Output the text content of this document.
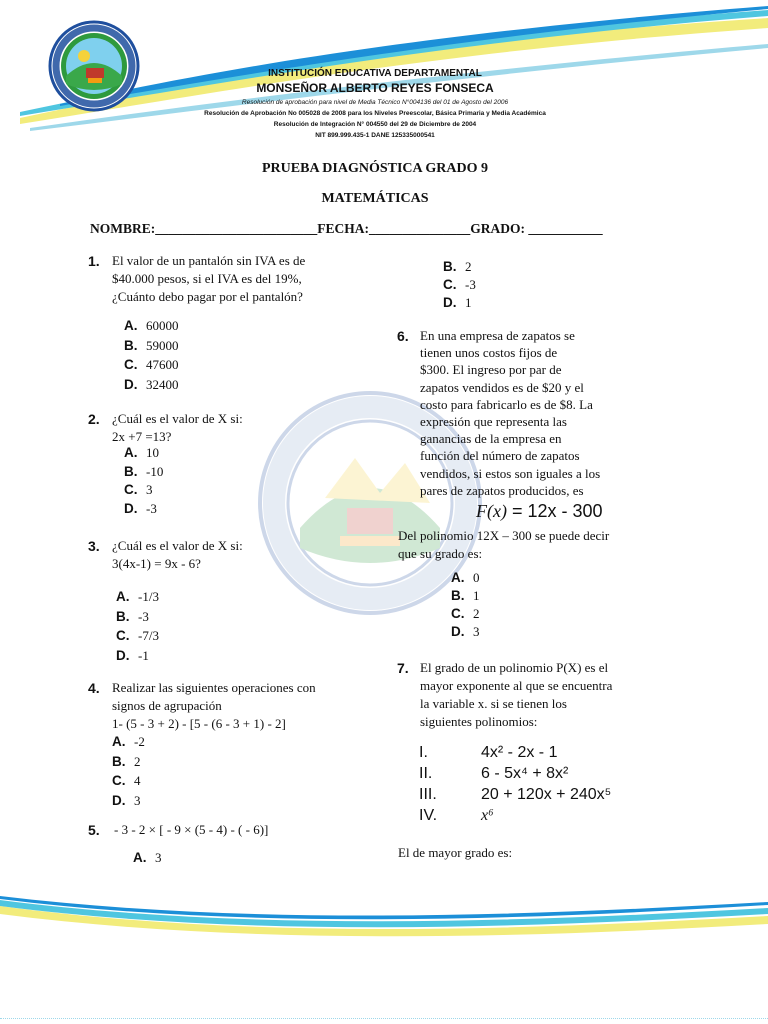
INSTITUCIÓN EDUCATIVA DEPARTAMENTAL
MONSEÑOR ALBERTO REYES FONSECA
Resolución de aprobación para nivel de Media Técnico N°004136 del 01 de Agosto del 2006
Resolución de Aprobación No 005028 de 2008 para los Niveles Preescolar, Básica Primaria y Media Académica
Resolución de Integración N° 004550 del 29 de Diciembre de 2004
NIT 899.999.435-1 DANE 125335000541
PRUEBA DIAGNÓSTICA GRADO 9
MATEMÁTICAS
NOMBRE:________________________FECHA:_______________GRADO: ___________
1. El valor de un pantalón sin IVA es de
$40.000 pesos, si el IVA es del 19%,
¿Cuánto debo pagar por el pantalón?
A. 60000
B. 59000
C. 47600
D. 32400
2. ¿Cuál es el valor de X si:
2x +7 =13?
A. 10
B. -10
C. 3
D. -3
3. ¿Cuál es el valor de X si:
3(4x-1) = 9x - 6?
A. -1/3
B. -3
C. -7/3
D. -1
4. Realizar las siguientes operaciones con
signos de agrupación
1- (5 - 3 + 2) - [5 - (6 - 3 + 1) - 2]
A. -2
B. 2
C. 4
D. 3
5. - 3 - 2 × [ - 9 × (5 - 4) - ( - 6)]
A. 3
B. 2
C. -3
D. 1
6. En una empresa de zapatos se
tienen unos costos fijos de
$300. El ingreso por par de
zapatos vendidos es de $20 y el
costo para fabricarlo es de $8. La
expresión que representa las
ganancias de la empresa en
función del número de zapatos
vendidos, si estos son iguales a los
pares de zapatos producidos, es
F(x) = 12x - 300
Del polinomio 12X – 300 se puede decir
que su grado es:
A. 0
B. 1
C. 2
D. 3
7. El grado de un polinomio P(X) es el
mayor exponente al que se encuentra
la variable x. si se tienen los
siguientes polinomios:
I.	4x² - 2x - 1
II.	6 - 5x⁴ + 8x²
III.	20 + 120x + 240x⁵
IV.	x⁶
El de mayor grado es:
